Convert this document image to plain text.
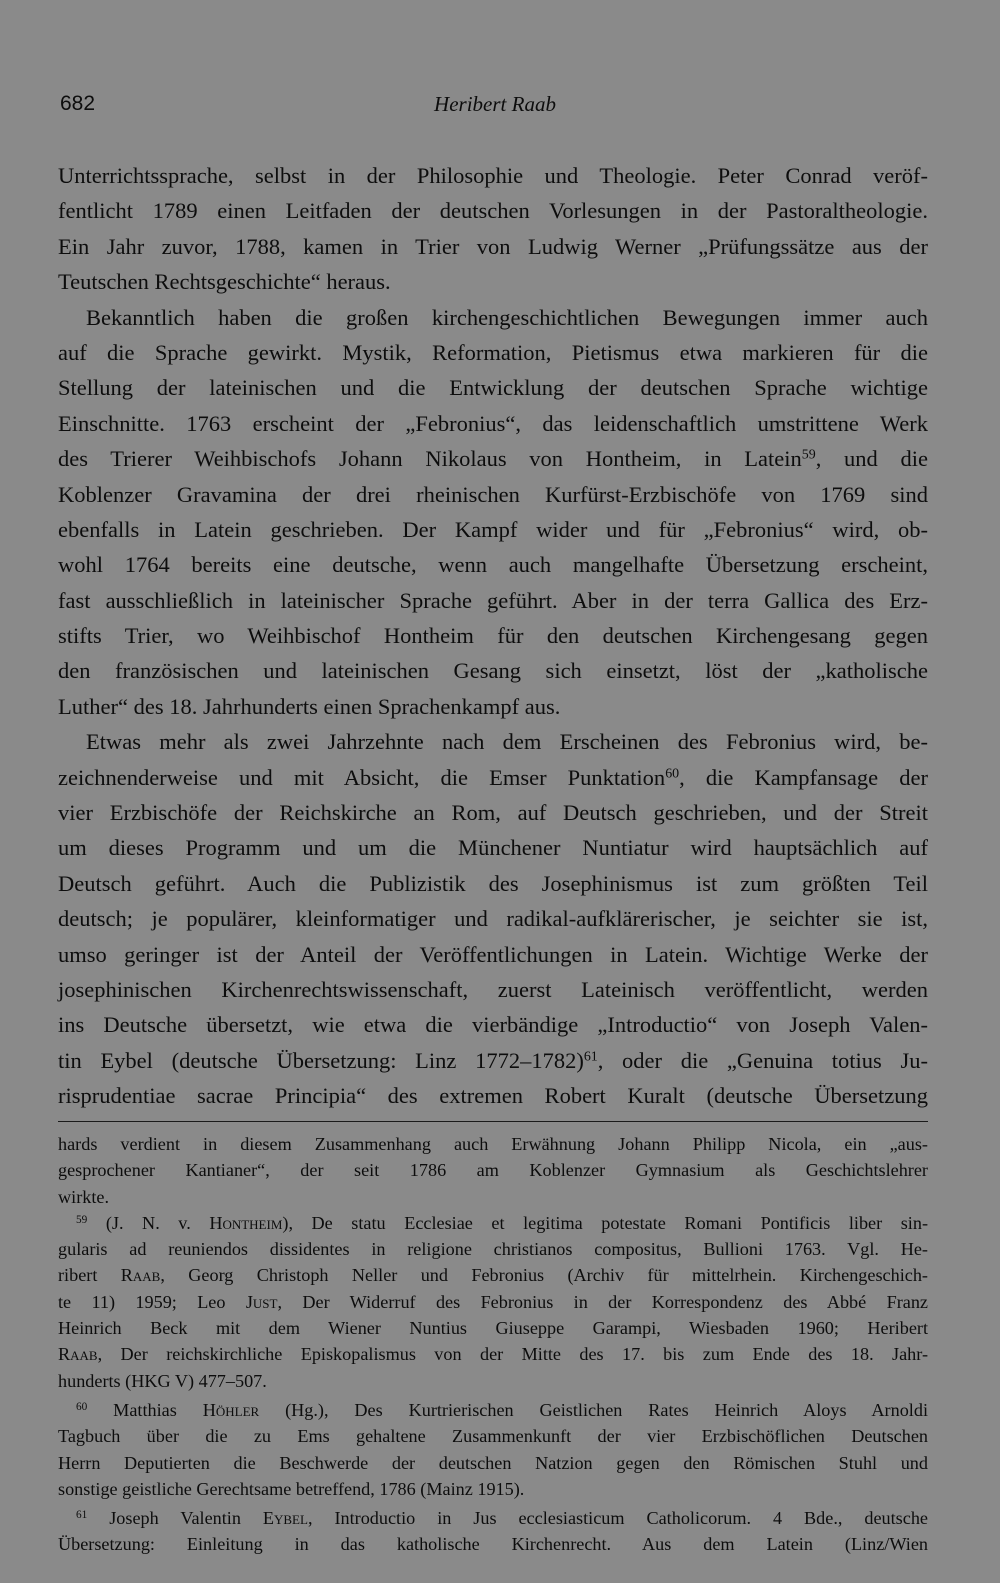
682	Heribert Raab
Unterrichtssprache, selbst in der Philosophie und Theologie. Peter Conrad veröf-
fentlicht 1789 einen Leitfaden der deutschen Vorlesungen in der Pastoraltheologie.
Ein Jahr zuvor, 1788, kamen in Trier von Ludwig Werner „Prüfungssätze aus der
Teutschen Rechtsgeschichte“ heraus.
Bekanntlich haben die großen kirchengeschichtlichen Bewegungen immer auch
auf die Sprache gewirkt. Mystik, Reformation, Pietismus etwa markieren für die
Stellung der lateinischen und die Entwicklung der deutschen Sprache wichtige
Einschnitte. 1763 erscheint der „Febronius“, das leidenschaftlich umstrittene Werk
des Trierer Weihbischofs Johann Nikolaus von Hontheim, in Latein$^{59}$, und die
Koblenzer Gravamina der drei rheinischen Kurfürst-Erzbischöfe von 1769 sind
ebenfalls in Latein geschrieben. Der Kampf wider und für „Febronius“ wird, ob-
wohl 1764 bereits eine deutsche, wenn auch mangelhafte Übersetzung erscheint,
fast ausschließlich in lateinischer Sprache geführt. Aber in der terra Gallica des Erz-
stifts Trier, wo Weihbischof Hontheim für den deutschen Kirchengesang gegen
den französischen und lateinischen Gesang sich einsetzt, löst der „katholische
Luther“ des 18. Jahrhunderts einen Sprachenkampf aus.
Etwas mehr als zwei Jahrzehnte nach dem Erscheinen des Febronius wird, be-
zeichnenderweise und mit Absicht, die Emser Punktation$^{60}$, die Kampfansage der
vier Erzbischöfe der Reichskirche an Rom, auf Deutsch geschrieben, und der Streit
um dieses Programm und um die Münchener Nuntiatur wird hauptsächlich auf
Deutsch geführt. Auch die Publizistik des Josephinismus ist zum größten Teil
deutsch; je populärer, kleinformatiger und radikal-aufklärerischer, je seichter sie ist,
umso geringer ist der Anteil der Veröffentlichungen in Latein. Wichtige Werke der
josephinischen Kirchenrechtswissenschaft, zuerst Lateinisch veröffentlicht, werden
ins Deutsche übersetzt, wie etwa die vierbändige „Introductio“ von Joseph Valen-
tin Eybel (deutsche Übersetzung: Linz 1772–1782)$^{61}$, oder die „Genuina totius Ju-
risprudentiae sacrae Principia“ des extremen Robert Kuralt (deutsche Übersetzung
hards verdient in diesem Zusammenhang auch Erwähnung Johann Philipp Nicola, ein „aus-
gesprochener Kantianer“, der seit 1786 am Koblenzer Gymnasium als Geschichtslehrer
wirkte.
$^{59}$ (J. N. v. Hontheim), De statu Ecclesiae et legitima potestate Romani Pontificis liber sin-
gularis ad reuniendos dissidentes in religione christianos compositus, Bullioni 1763. Vgl. He-
ribert Raab, Georg Christoph Neller und Febronius (Archiv für mittelrhein. Kirchengeschich-
te 11) 1959; Leo Just, Der Widerruf des Febronius in der Korrespondenz des Abbé Franz
Heinrich Beck mit dem Wiener Nuntius Giuseppe Garampi, Wiesbaden 1960; Heribert
Raab, Der reichskirchliche Episkopalismus von der Mitte des 17. bis zum Ende des 18. Jahr-
hunderts (HKG V) 477–507.
$^{60}$ Matthias Höhler (Hg.), Des Kurtrierischen Geistlichen Rates Heinrich Aloys Arnoldi
Tagbuch über die zu Ems gehaltene Zusammenkunft der vier Erzbischöflichen Deutschen
Herrn Deputierten die Beschwerde der deutschen Natzion gegen den Römischen Stuhl und
sonstige geistliche Gerechtsame betreffend, 1786 (Mainz 1915).
$^{61}$ Joseph Valentin Eybel, Introductio in Jus ecclesiasticum Catholicorum. 4 Bde., deutsche
Übersetzung: Einleitung in das katholische Kirchenrecht. Aus dem Latein (Linz/Wien
